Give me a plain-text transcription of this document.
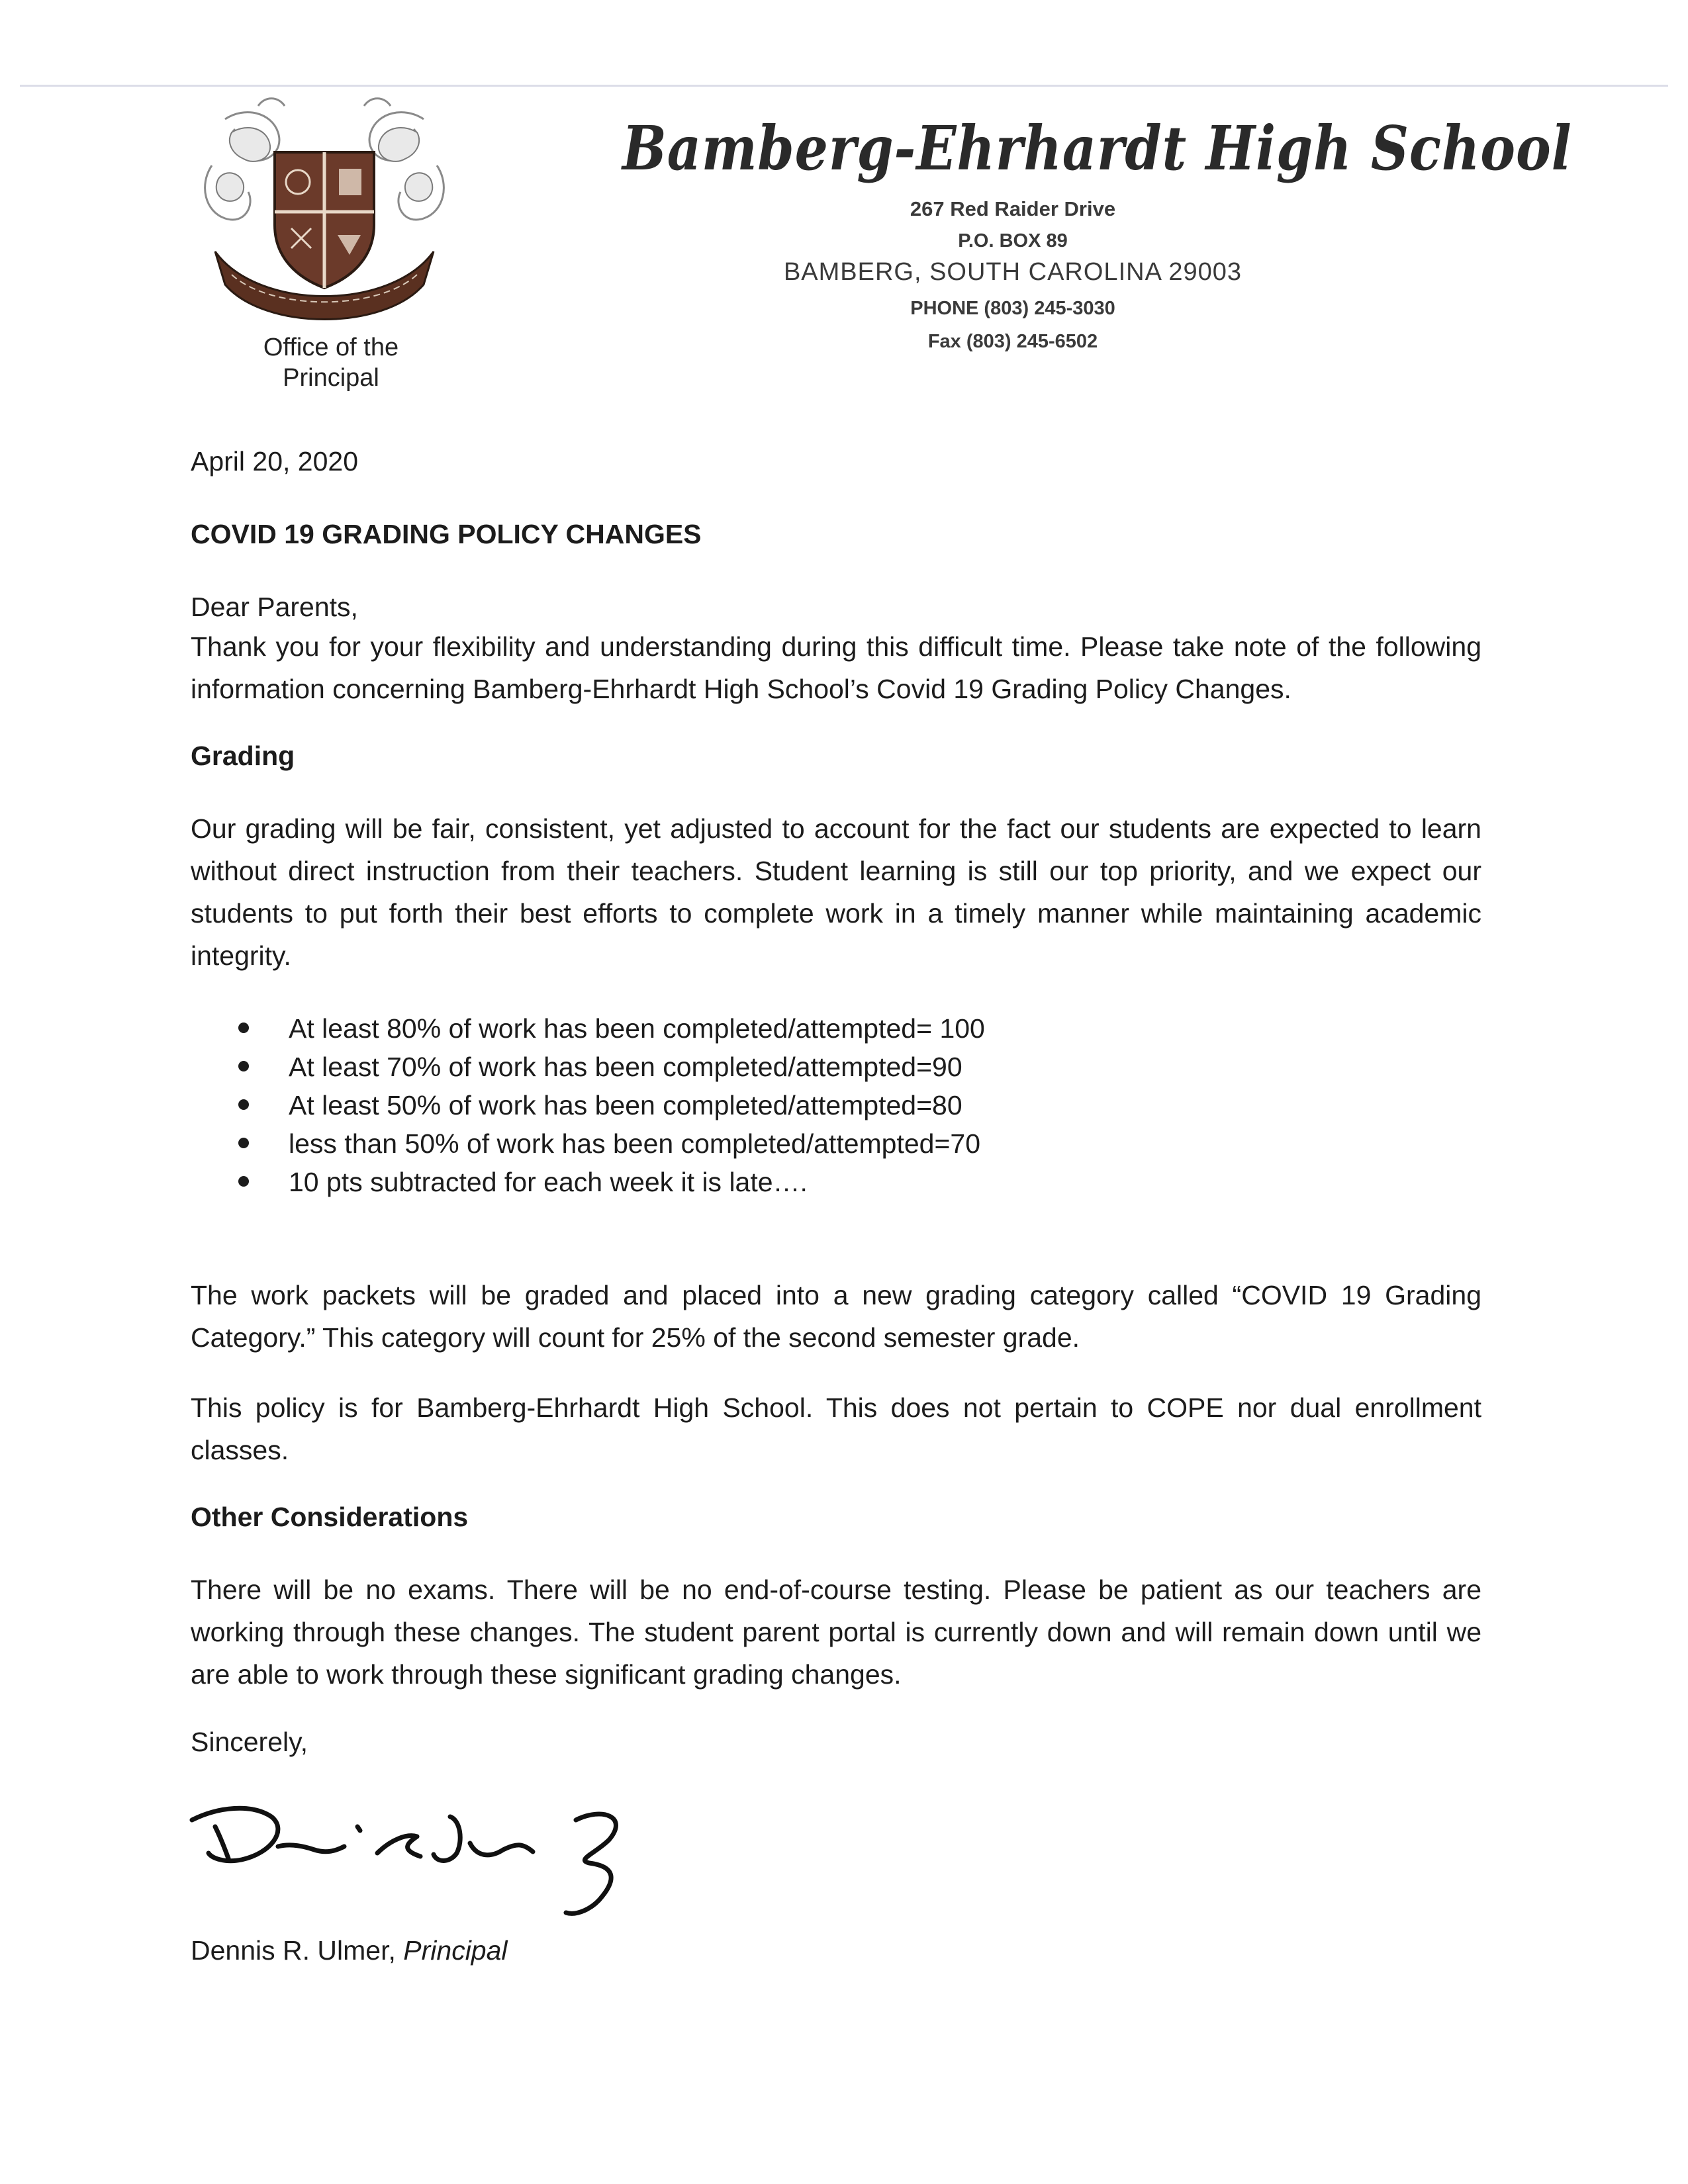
Office of the
Principal
Bamberg-Ehrhardt High School
267 Red Raider Drive
P.O. BOX 89
BAMBERG, SOUTH CAROLINA 29003
PHONE (803) 245-3030
Fax (803) 245-6502
April 20, 2020
COVID 19 GRADING POLICY CHANGES
Dear Parents,
Thank you for your flexibility and understanding during this difficult time. Please take note of the following information concerning Bamberg-Ehrhardt High School’s Covid 19 Grading Policy Changes.
Grading
Our grading will be fair, consistent, yet adjusted to account for the fact our students are expected to learn without direct instruction from their teachers. Student learning is still our top priority, and we expect our students to put forth their best efforts to complete work in a timely manner while maintaining academic integrity.
At least 80% of work has been completed/attempted= 100
At least 70% of work has been completed/attempted=90
At least 50% of work has been completed/attempted=80
less than 50% of work has been completed/attempted=70
10 pts subtracted for each week it is late….
The work packets will be graded and placed into a new grading category called “COVID 19 Grading Category.” This category will count for 25% of the second semester grade.
This policy is for Bamberg-Ehrhardt High School. This does not pertain to COPE nor dual enrollment classes.
Other Considerations
There will be no exams. There will be no end-of-course testing. Please be patient as our teachers are working through these changes. The student parent portal is currently down and will remain down until we are able to work through these significant grading changes.
Sincerely,
Dennis R. Ulmer, Principal
